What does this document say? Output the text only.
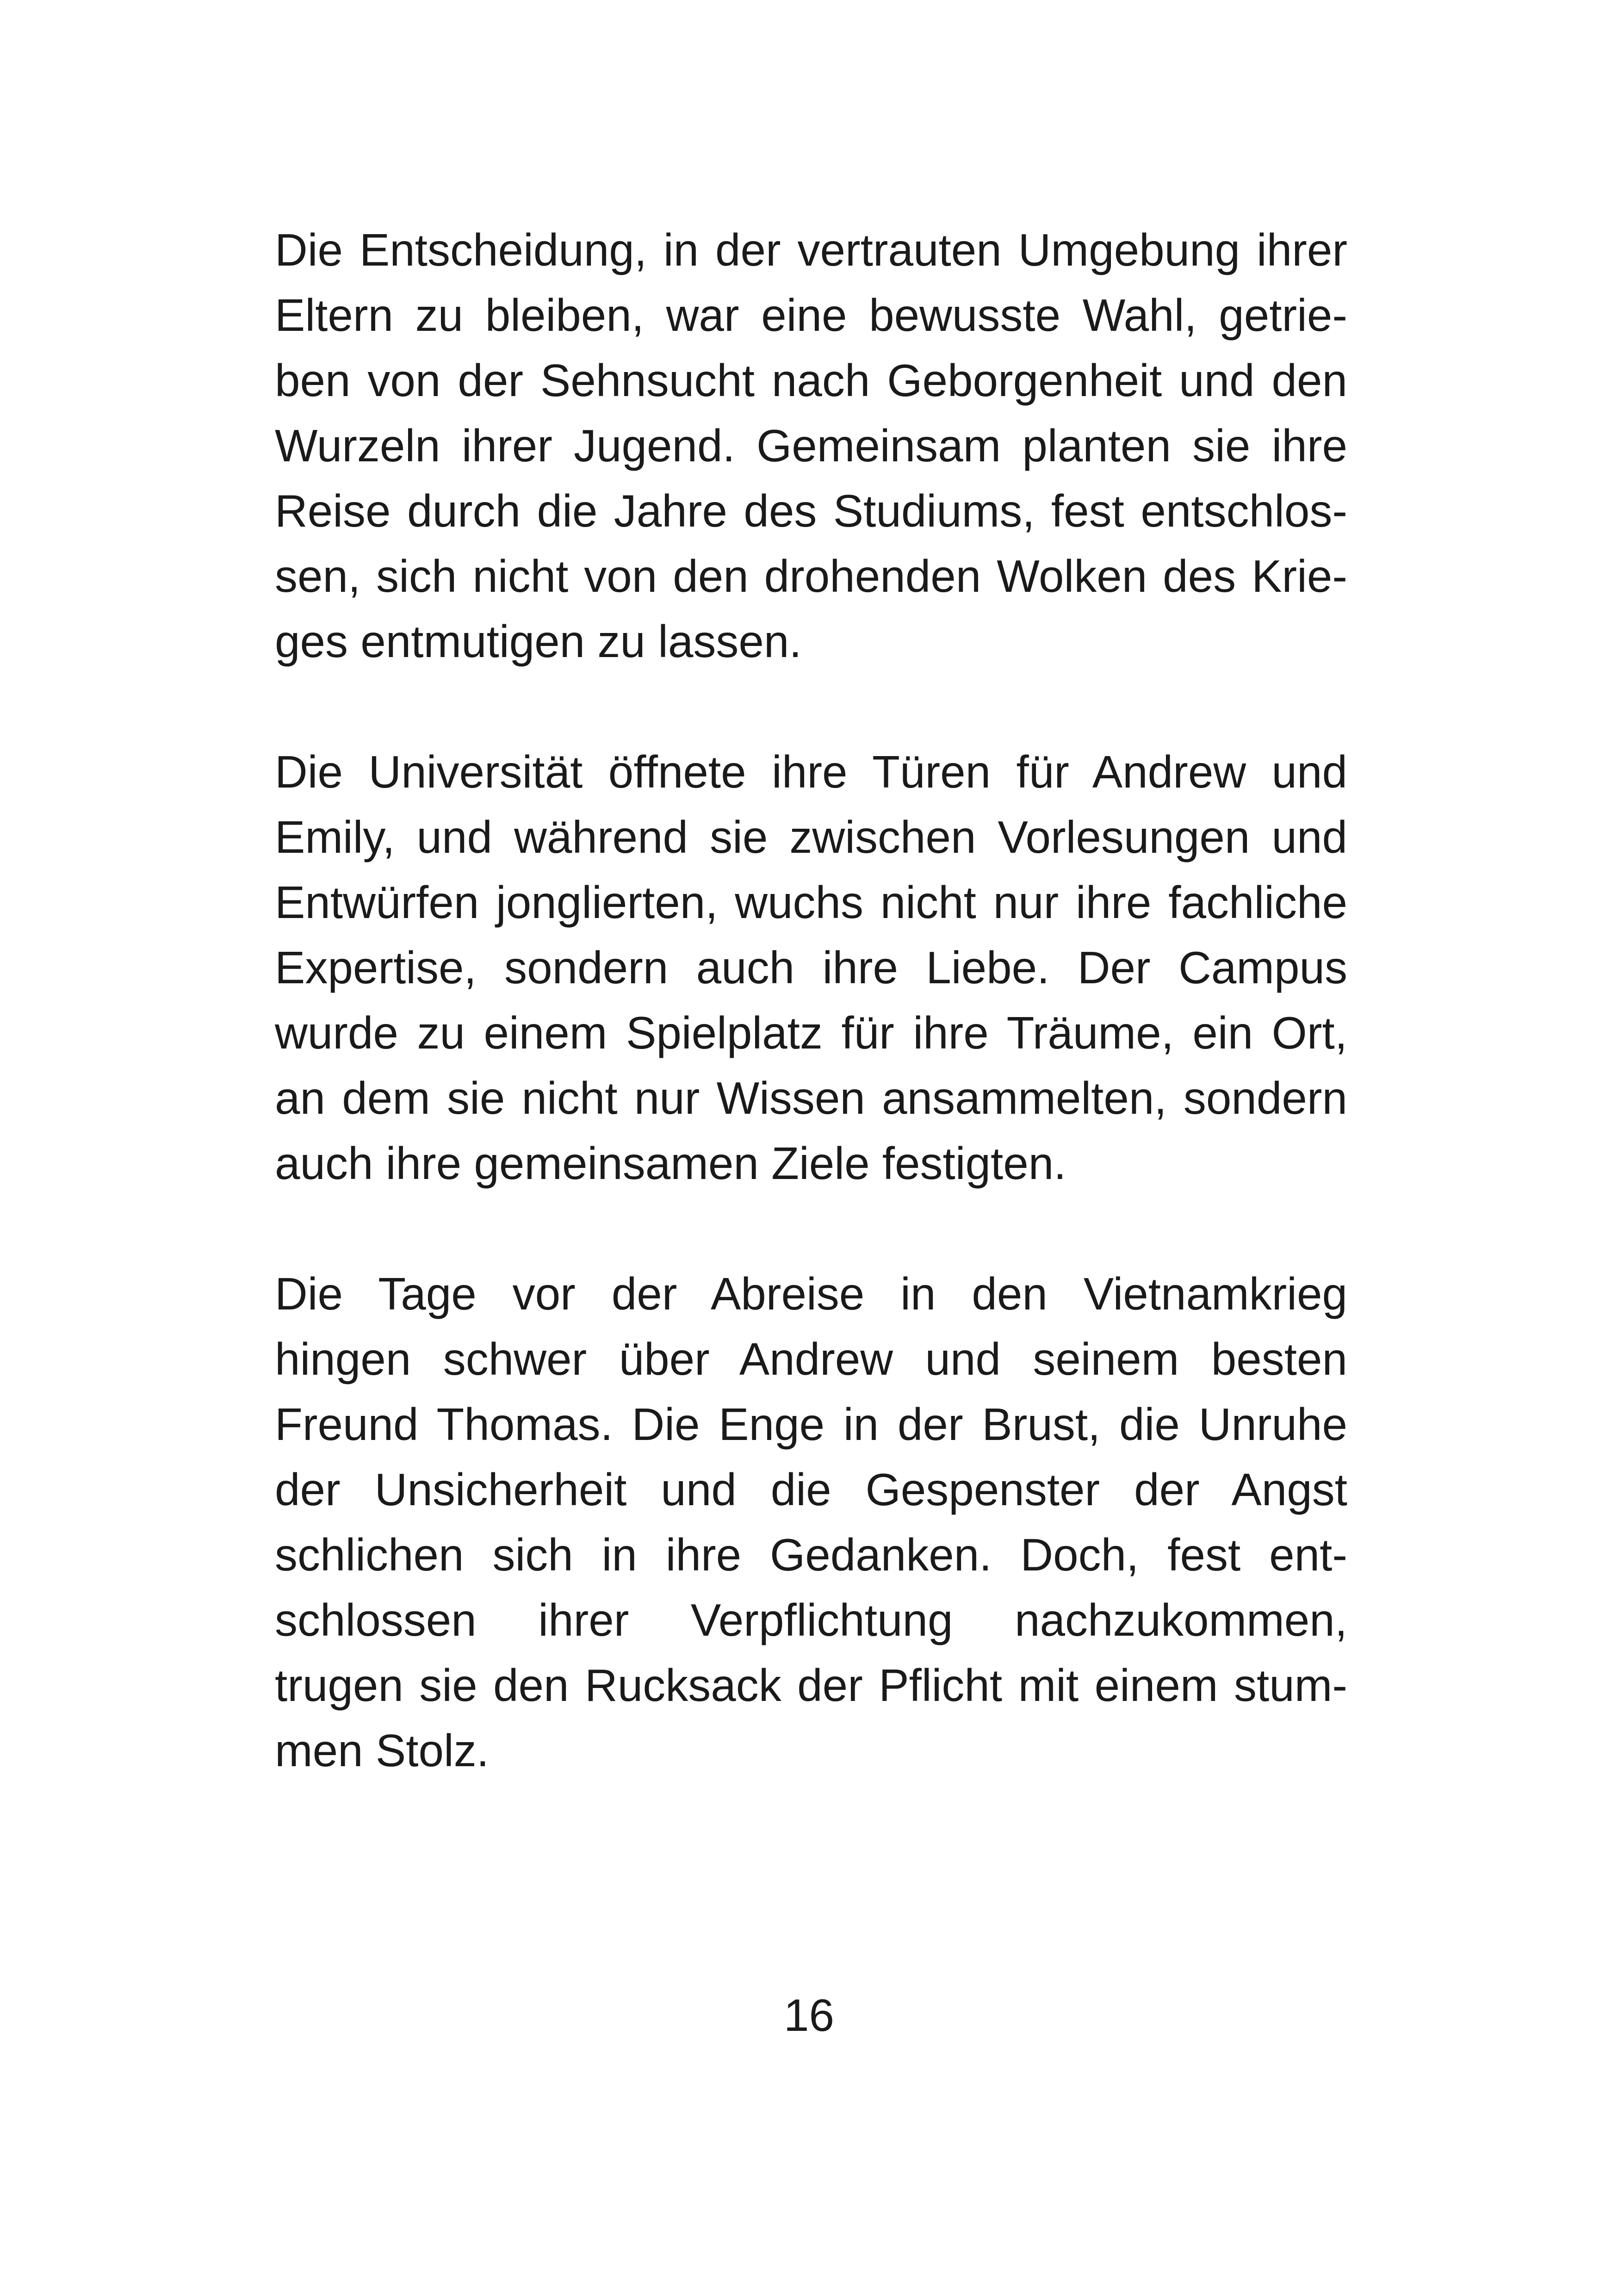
Die Entscheidung, in der vertrauten Umgebung ihrer
Eltern zu bleiben, war eine bewusste Wahl, getrie-
ben von der Sehnsucht nach Geborgenheit und den
Wurzeln ihrer Jugend. Gemeinsam planten sie ihre
Reise durch die Jahre des Studiums, fest entschlos-
sen, sich nicht von den drohenden Wolken des Krie-
ges entmutigen zu lassen.

Die Universität öffnete ihre Türen für Andrew und
Emily, und während sie zwischen Vorlesungen und
Entwürfen jonglierten, wuchs nicht nur ihre fachliche
Expertise, sondern auch ihre Liebe. Der Campus
wurde zu einem Spielplatz für ihre Träume, ein Ort,
an dem sie nicht nur Wissen ansammelten, sondern
auch ihre gemeinsamen Ziele festigten.

Die Tage vor der Abreise in den Vietnamkrieg
hingen schwer über Andrew und seinem besten
Freund Thomas. Die Enge in der Brust, die Unruhe
der Unsicherheit und die Gespenster der Angst
schlichen sich in ihre Gedanken. Doch, fest ent-
schlossen ihrer Verpflichtung nachzukommen,
trugen sie den Rucksack der Pflicht mit einem stum-
men Stolz.

16
